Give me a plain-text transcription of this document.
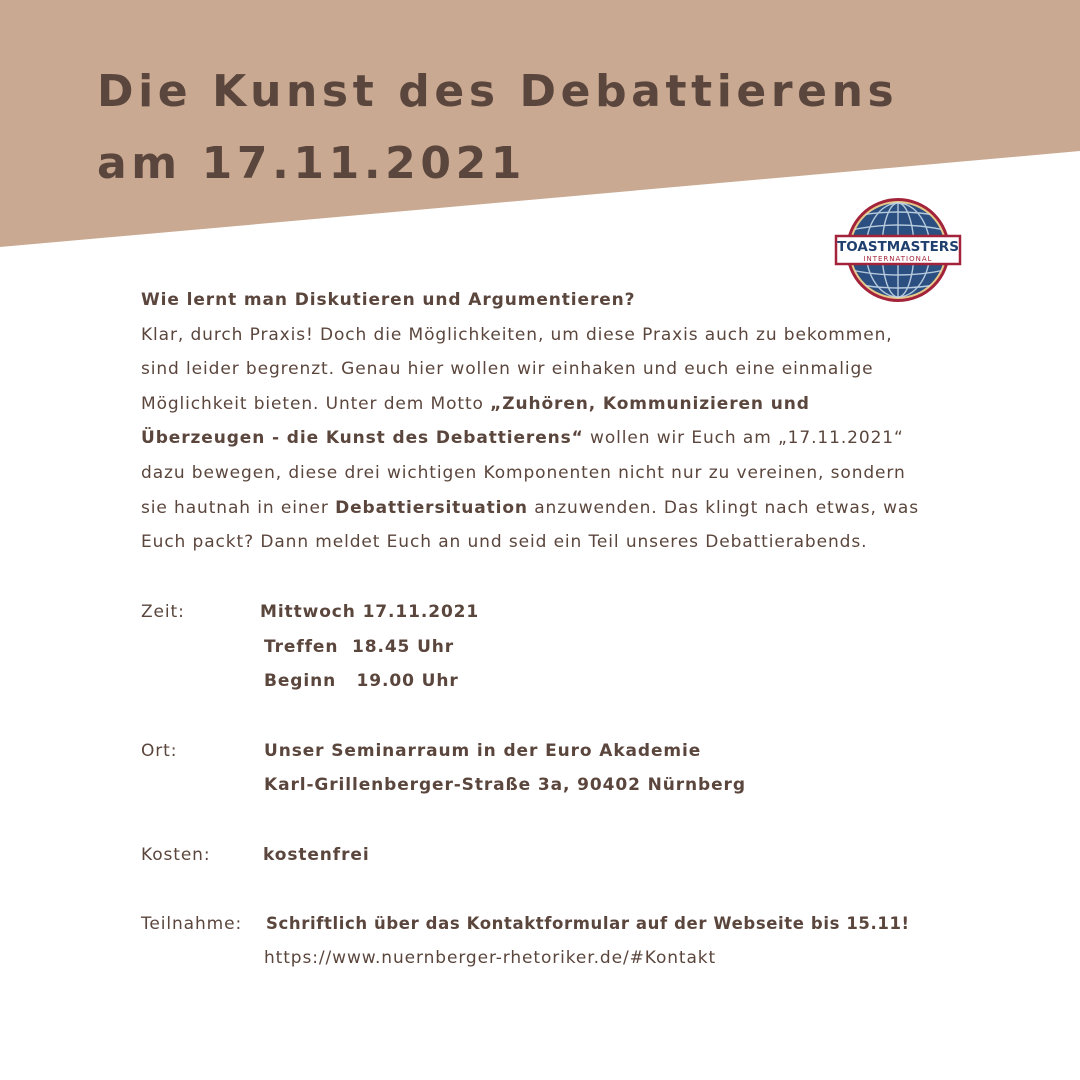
Die Kunst des Debattierens
am 17.11.2021
TOASTMASTERS
INTERNATIONAL

Wie lernt man Diskutieren und Argumentieren?

Klar, durch Praxis! Doch die Möglichkeiten, um diese Praxis auch zu bekommen,

sind leider begrenzt. Genau hier wollen wir einhaken und euch eine einmalige

Möglichkeit bieten. Unter dem Motto „Zuhören, Kommunizieren und

Überzeugen - die Kunst des Debattierens“ wollen wir Euch am „17.11.2021“

dazu bewegen, diese drei wichtigen Komponenten nicht nur zu vereinen, sondern

sie hautnah in einer Debattiersituation anzuwenden. Das klingt nach etwas, was

Euch packt? Dann meldet Euch an und seid ein Teil unseres Debattierabends.

Zeit:	Mittwoch 17.11.2021
Treffen  18.45 Uhr
Beginn   19.00 Uhr
Ort:	Unser Seminarraum in der Euro Akademie
Karl-Grillenberger-Straße 3a, 90402 Nürnberg
Kosten:	kostenfrei
Teilnahme: Schriftlich über das Kontaktformular auf der Webseite bis 15.11!
https://www.nuernberger-rhetoriker.de/#Kontakt
